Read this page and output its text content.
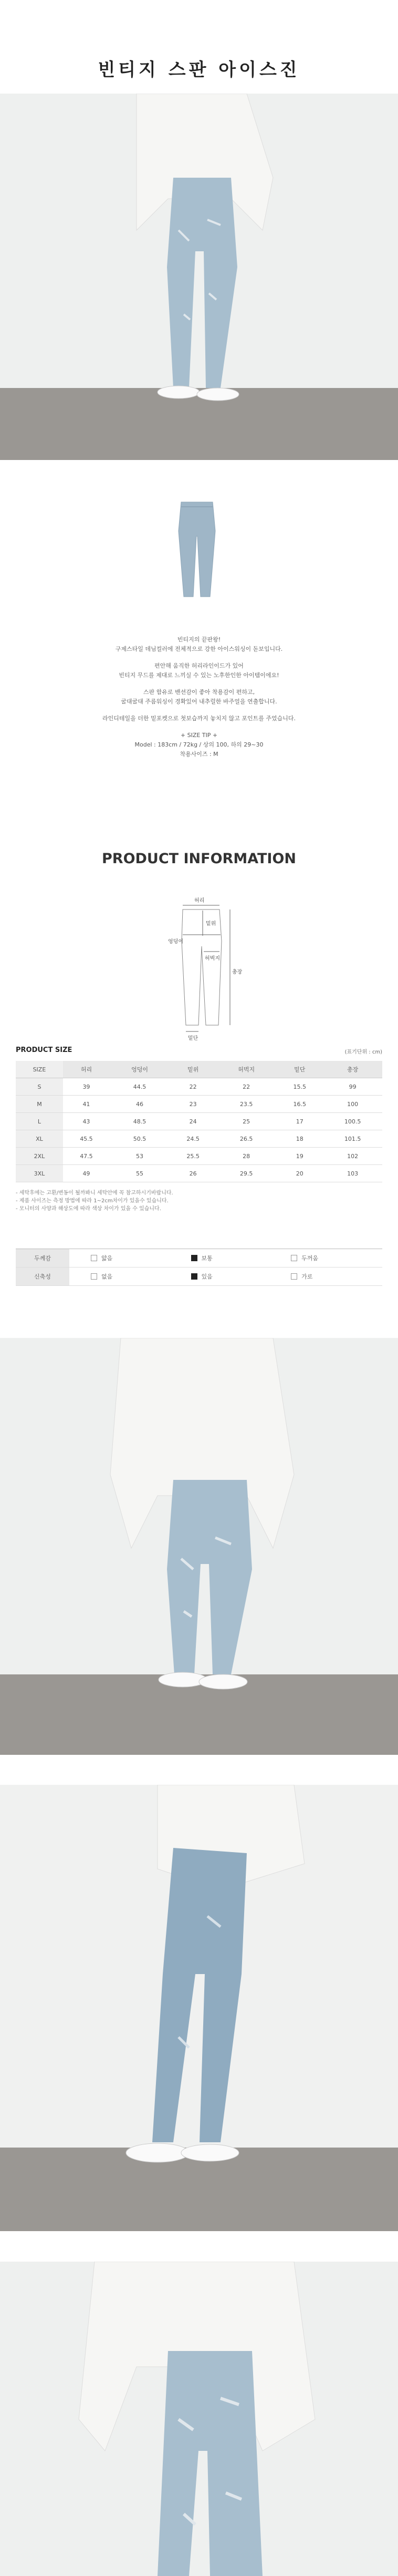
빈티지 스판 아이스진

빈티지의 끝판왕!

구제스타일 데님컬러에 전체적으로 강한 아이스워싱이 돋보입니다.

편안해 움직한 허리라인이드가 있어

빈티지 무드를 제대로 느끼실 수 있는 노후한인한 아이템이에요!

스판 함유로 밴션감이 좋아 착용감이 편하고,

굴대굴대 주름워싱이 경확있어 내추럴한 바주얼을 연출합니다.

라인디테일을 더한 밑포켓으로 첫보습까지 놓치지 않고 포인트를 주었습니다.

+ SIZE TIP +

Model : 183cm / 72kg / 상의 100, 하의 29~30

착용사이즈 : M

PRODUCT INFORMATION
허리
밑위
엉덩이
허벅지
총장
밑단
PRODUCT SIZE	(표기단위 : cm)
SIZE	허리	엉덩이	밑위	허벅지	밑단	총장
S	39	44.5	22	22	15.5	99
M	41	46	23	23.5	16.5	100
L	43	48.5	24	25	17	100.5
XL	45.5	50.5	24.5	26.5	18	101.5
2XL	47.5	53	25.5	28	19	102
3XL	49	55	26	29.5	20	103

- 세탁후에는 고환/변동이 될까봐니 세탁안에 꼭 참고하시기바랍니다.

- 제품 사이즈는 측정 방법에 따라 1~2cm차이가 있을수 있습니다.

- 모니터의 사양과 해상도에 따라 색상 차이가 있을 수 있습니다.

두께감	얇음	보통	두꺼움

신축성	없음	있음	가로
